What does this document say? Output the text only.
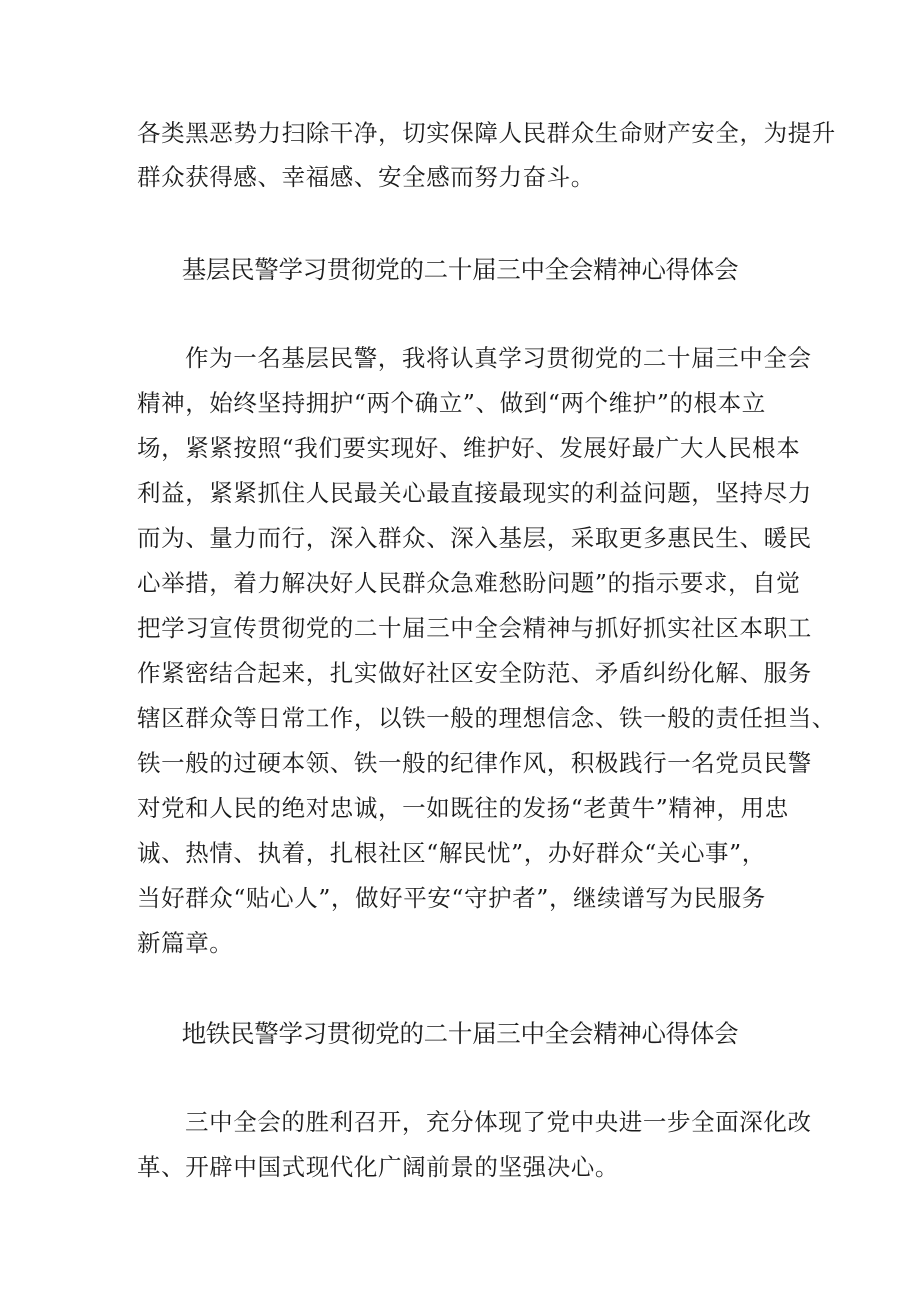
各类黑恶势力扫除干净，切实保障人民群众生命财产安全，为提升
群众获得感、幸福感、安全感而努力奋斗。
基层民警学习贯彻党的二十届三中全会精神心得体会
作为一名基层民警，我将认真学习贯彻党的二十届三中全会
精神，始终坚持拥护“两个确立”、做到“两个维护”的根本立
场，紧紧按照“我们要实现好、维护好、发展好最广大人民根本
利益，紧紧抓住人民最关心最直接最现实的利益问题，坚持尽力
而为、量力而行，深入群众、深入基层，采取更多惠民生、暖民
心举措，着力解决好人民群众急难愁盼问题”的指示要求，自觉
把学习宣传贯彻党的二十届三中全会精神与抓好抓实社区本职工
作紧密结合起来，扎实做好社区安全防范、矛盾纠纷化解、服务
辖区群众等日常工作，以铁一般的理想信念、铁一般的责任担当、
铁一般的过硬本领、铁一般的纪律作风，积极践行一名党员民警
对党和人民的绝对忠诚，一如既往的发扬“老黄牛”精神，用忠
诚、热情、执着，扎根社区“解民忧”，办好群众“关心事”，
当好群众“贴心人”，做好平安“守护者”，继续谱写为民服务
新篇章。
地铁民警学习贯彻党的二十届三中全会精神心得体会
三中全会的胜利召开，充分体现了党中央进一步全面深化改
革、开辟中国式现代化广阔前景的坚强决心。
